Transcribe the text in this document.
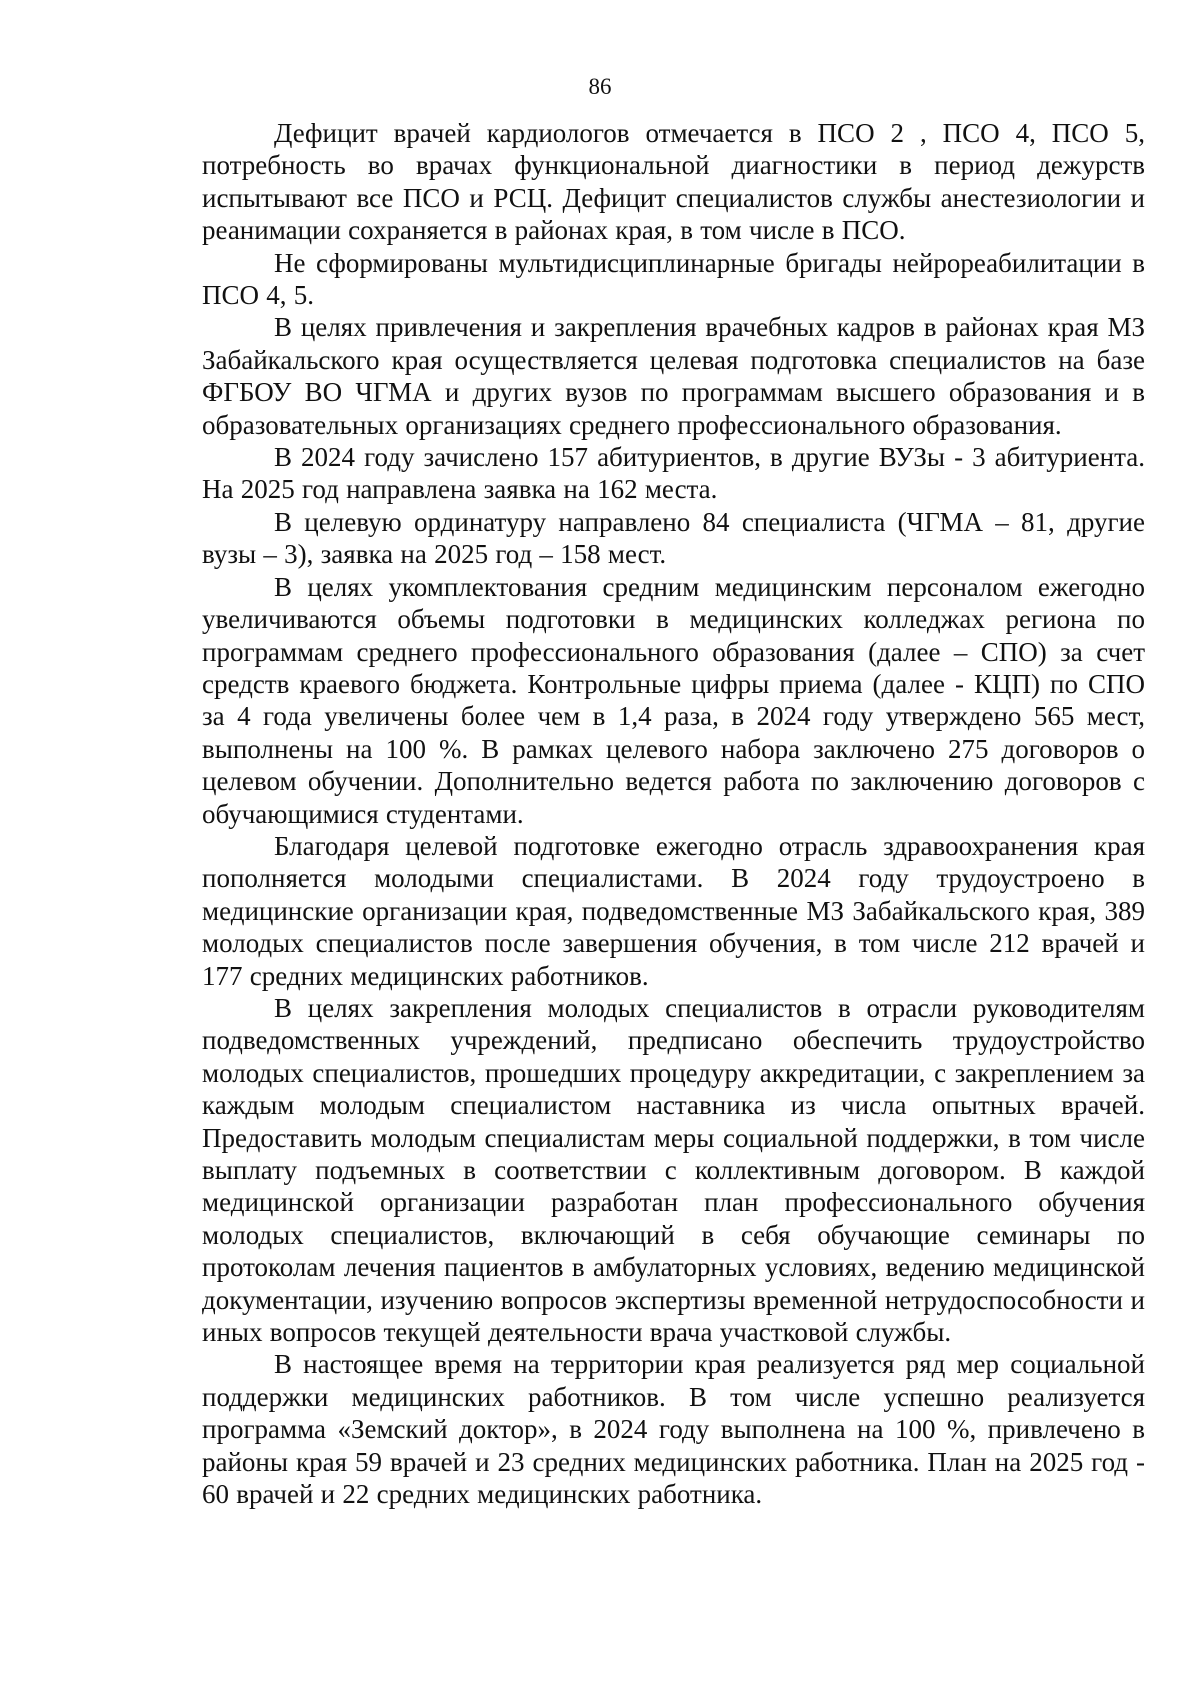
86

Дефицит врачей кардиологов отмечается в ПСО 2 , ПСО 4, ПСО 5, потребность во врачах функциональной диагностики в период дежурств испытывают все ПСО и РСЦ. Дефицит специалистов службы анестезиологии и реанимации сохраняется в районах края, в том числе в ПСО.

Не сформированы мультидисциплинарные бригады нейрореабилитации в ПСО 4, 5.

В целях привлечения и закрепления врачебных кадров в районах края МЗ Забайкальского края осуществляется целевая подготовка специалистов на базе ФГБОУ ВО ЧГМА и других вузов по программам высшего образования и в образовательных организациях среднего профессионального образования.

В 2024 году зачислено 157 абитуриентов, в другие ВУЗы - 3 абитуриента. На 2025 год направлена заявка на 162 места.

В целевую ординатуру направлено 84 специалиста (ЧГМА – 81, другие вузы – 3), заявка на 2025 год – 158 мест.

В целях укомплектования средним медицинским персоналом ежегодно увеличиваются объемы подготовки в медицинских колледжах региона по программам среднего профессионального образования (далее – СПО) за счет средств краевого бюджета. Контрольные цифры приема (далее - КЦП) по СПО за 4 года увеличены более чем в 1,4 раза, в 2024 году утверждено 565 мест, выполнены на 100 %. В рамках целевого набора заключено 275 договоров о целевом обучении. Дополнительно ведется работа по заключению договоров с обучающимися студентами.

Благодаря целевой подготовке ежегодно отрасль здравоохранения края пополняется молодыми специалистами. В 2024 году трудоустроено в медицинские организации края, подведомственные МЗ Забайкальского края, 389 молодых специалистов после завершения обучения, в том числе 212 врачей и 177 средних медицинских работников.

В целях закрепления молодых специалистов в отрасли руководителям подведомственных учреждений, предписано обеспечить трудоустройство молодых специалистов, прошедших процедуру аккредитации, с закреплением за каждым молодым специалистом наставника из числа опытных врачей. Предоставить молодым специалистам меры социальной поддержки, в том числе выплату подъемных в соответствии с коллективным договором. В каждой медицинской организации разработан план профессионального обучения молодых специалистов, включающий в себя обучающие семинары по протоколам лечения пациентов в амбулаторных условиях, ведению медицинской документации, изучению вопросов экспертизы временной нетрудоспособности и иных вопросов текущей деятельности врача участковой службы.

В настоящее время на территории края реализуется ряд мер социальной поддержки медицинских работников. В том числе успешно реализуется программа «Земский доктор», в 2024 году выполнена на 100 %, привлечено в районы края 59 врачей и 23 средних медицинских работника. План на 2025 год - 60 врачей и 22 средних медицинских работника.
